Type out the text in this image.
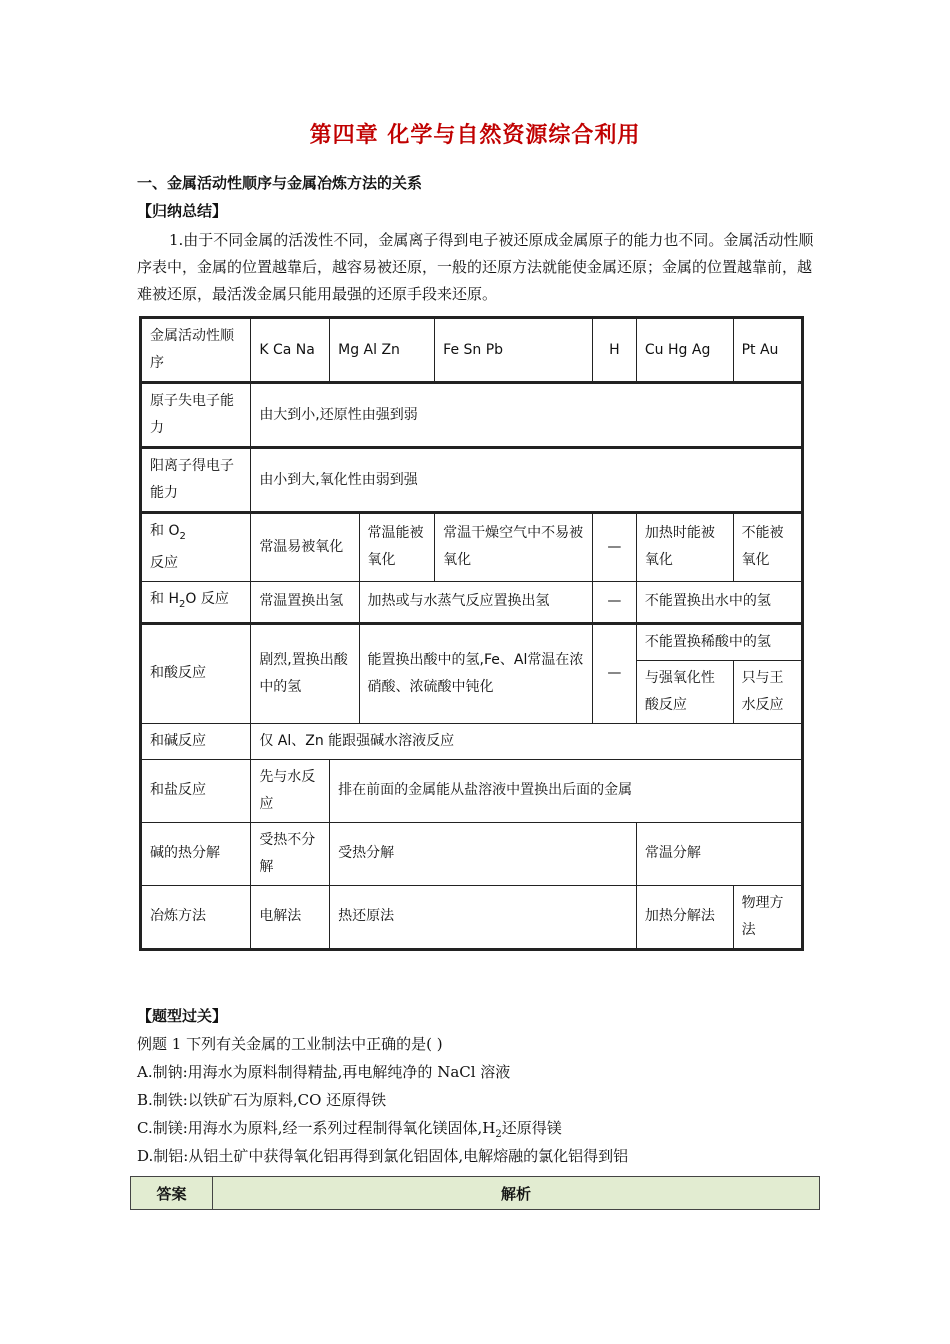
第四章 化学与自然资源综合利用
一、金属活动性顺序与金属冶炼方法的关系
【归纳总结】
1.由于不同金属的活泼性不同，金属离子得到电子被还原成金属原子的能力也不同。金属活动性顺序表中，金属的位置越靠后，越容易被还原，一般的还原方法就能使金属还原；金属的位置越靠前，越难被还原，最活泼金属只能用最强的还原手段来还原。
金属活动性顺序	K Ca Na	Mg Al Zn		Fe Sn Pb	H	Cu Hg Ag	Pt Au
原子失电子能力	由大到小,还原性由强到弱						
阳离子得电子能力	由小到大,氧化性由弱到强						
和 $O_2$
反应	常温易被氧化		常温能被氧化	常温干燥空气中不易被氧化	—	加热时能被氧化	不能被氧化
和 $H_2O$ 反应	常温置换出氢		加热或与水蒸气反应置换出氢		—	不能置换出水中的氢	
和酸反应	剧烈,置换出酸中的氢		能置换出酸中的氢,Fe、Al常温在浓硝酸、浓硫酸中钝化		—	不能置换稀酸中的氢	
						与强氧化性酸反应	只与王水反应
和碱反应	仅 Al、Zn 能跟强碱水溶液反应						
和盐反应	先与水反应	排在前面的金属能从盐溶液中置换出后面的金属					
碱的热分解	受热不分解	受热分解				常温分解	
冶炼方法	电解法	热还原法				加热分解法	物理方法
【题型过关】
例题 1 下列有关金属的工业制法中正确的是( )
A.制钠:用海水为原料制得精盐,再电解纯净的 NaCl 溶液
B.制铁:以铁矿石为原料,CO 还原得铁
C.制镁:用海水为原料,经一系列过程制得氧化镁固体$,H_2$还原得镁
D.制铝:从铝土矿中获得氧化铝再得到氯化铝固体,电解熔融的氯化铝得到铝
答案	解析
